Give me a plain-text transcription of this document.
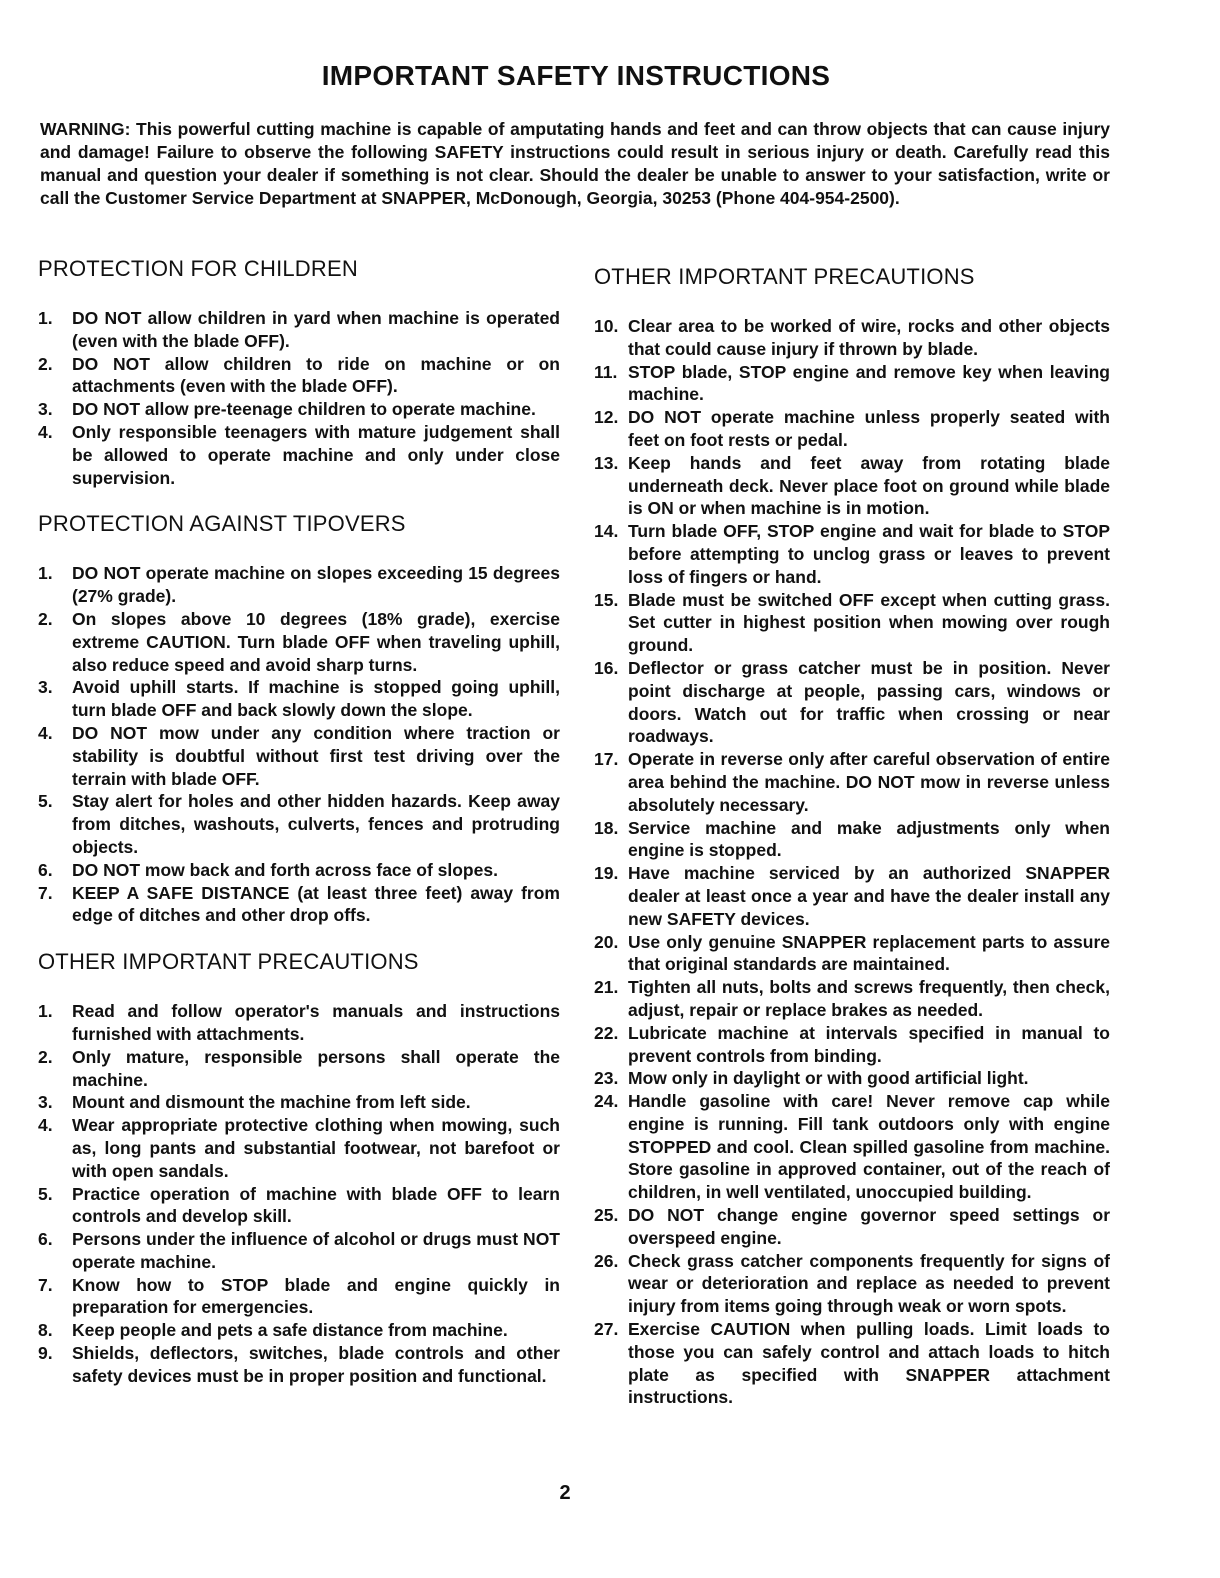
IMPORTANT SAFETY INSTRUCTIONS
WARNING: This powerful cutting machine is capable of amputating hands and feet and can throw objects that can cause injury and damage! Failure to observe the following SAFETY instructions could result in serious injury or death. Carefully read this manual and question your dealer if something is not clear. Should the dealer be unable to answer to your satisfaction, write or call the Customer Service Department at SNAPPER, McDonough, Georgia, 30253 (Phone 404-954-2500).
PROTECTION FOR CHILDREN
1. DO NOT allow children in yard when machine is operated (even with the blade OFF).
2. DO NOT allow children to ride on machine or on attachments (even with the blade OFF).
3. DO NOT allow pre-teenage children to operate machine.
4. Only responsible teenagers with mature judgement shall be allowed to operate machine and only under close supervision.
PROTECTION AGAINST TIPOVERS
1. DO NOT operate machine on slopes exceeding 15 degrees (27% grade).
2. On slopes above 10 degrees (18% grade), exercise extreme CAUTION. Turn blade OFF when traveling uphill, also reduce speed and avoid sharp turns.
3. Avoid uphill starts. If machine is stopped going uphill, turn blade OFF and back slowly down the slope.
4. DO NOT mow under any condition where traction or stability is doubtful without first test driving over the terrain with blade OFF.
5. Stay alert for holes and other hidden hazards. Keep away from ditches, washouts, culverts, fences and protruding objects.
6. DO NOT mow back and forth across face of slopes.
7. KEEP A SAFE DISTANCE (at least three feet) away from edge of ditches and other drop offs.
OTHER IMPORTANT PRECAUTIONS
1. Read and follow operator's manuals and instructions furnished with attachments.
2. Only mature, responsible persons shall operate the machine.
3. Mount and dismount the machine from left side.
4. Wear appropriate protective clothing when mowing, such as, long pants and substantial footwear, not barefoot or with open sandals.
5. Practice operation of machine with blade OFF to learn controls and develop skill.
6. Persons under the influence of alcohol or drugs must NOT operate machine.
7. Know how to STOP blade and engine quickly in preparation for emergencies.
8. Keep people and pets a safe distance from machine.
9. Shields, deflectors, switches, blade controls and other safety devices must be in proper position and functional.
OTHER IMPORTANT PRECAUTIONS
10. Clear area to be worked of wire, rocks and other objects that could cause injury if thrown by blade.
11. STOP blade, STOP engine and remove key when leaving machine.
12. DO NOT operate machine unless properly seated with feet on foot rests or pedal.
13. Keep hands and feet away from rotating blade underneath deck. Never place foot on ground while blade is ON or when machine is in motion.
14. Turn blade OFF, STOP engine and wait for blade to STOP before attempting to unclog grass or leaves to prevent loss of fingers or hand.
15. Blade must be switched OFF except when cutting grass. Set cutter in highest position when mowing over rough ground.
16. Deflector or grass catcher must be in position. Never point discharge at people, passing cars, windows or doors. Watch out for traffic when crossing or near roadways.
17. Operate in reverse only after careful observation of entire area behind the machine. DO NOT mow in reverse unless absolutely necessary.
18. Service machine and make adjustments only when engine is stopped.
19. Have machine serviced by an authorized SNAPPER dealer at least once a year and have the dealer install any new SAFETY devices.
20. Use only genuine SNAPPER replacement parts to assure that original standards are maintained.
21. Tighten all nuts, bolts and screws frequently, then check, adjust, repair or replace brakes as needed.
22. Lubricate machine at intervals specified in manual to prevent controls from binding.
23. Mow only in daylight or with good artificial light.
24. Handle gasoline with care! Never remove cap while engine is running. Fill tank outdoors only with engine STOPPED and cool. Clean spilled gasoline from machine. Store gasoline in approved container, out of the reach of children, in well ventilated, unoccupied building.
25. DO NOT change engine governor speed settings or overspeed engine.
26. Check grass catcher components frequently for signs of wear or deterioration and replace as needed to prevent injury from items going through weak or worn spots.
27. Exercise CAUTION when pulling loads. Limit loads to those you can safely control and attach loads to hitch plate as specified with SNAPPER attachment instructions.
2
